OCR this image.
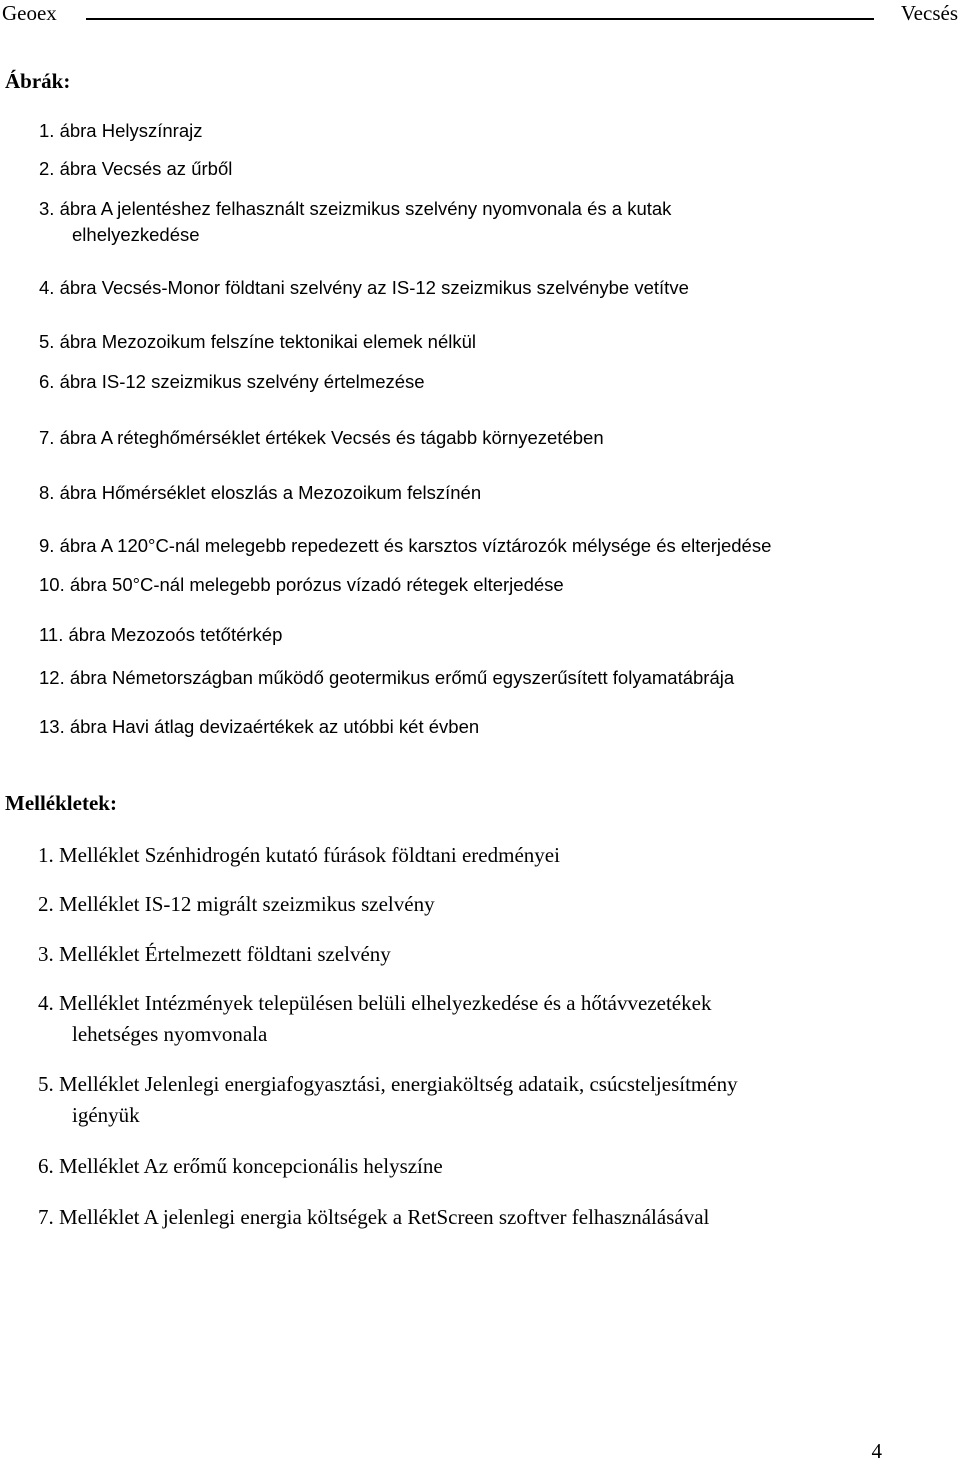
Geoex	Vecsés
Ábrák:
1. ábra Helyszínrajz
2. ábra Vecsés az űrből
3. ábra A jelentéshez felhasznált szeizmikus szelvény nyomvonala és a kutak
elhelyezkedése
4. ábra Vecsés-Monor földtani szelvény az IS-12 szeizmikus szelvénybe vetítve
5. ábra Mezozoikum felszíne tektonikai elemek nélkül
6. ábra IS-12 szeizmikus szelvény értelmezése
7. ábra A réteghőmérséklet értékek Vecsés és tágabb környezetében
8. ábra Hőmérséklet eloszlás a Mezozoikum felszínén
9. ábra A 120°C-nál melegebb repedezett és karsztos víztározók mélysége és elterjedése
10. ábra 50°C-nál melegebb porózus vízadó rétegek elterjedése
11. ábra Mezozoós tetőtérkép
12. ábra Németországban működő geotermikus erőmű egyszerűsített folyamatábrája
13. ábra Havi átlag devizaértékek az utóbbi két évben
Mellékletek:
1. Melléklet Szénhidrogén kutató fúrások földtani eredményei
2. Melléklet IS-12 migrált szeizmikus szelvény
3. Melléklet Értelmezett földtani szelvény
4. Melléklet Intézmények településen belüli elhelyezkedése és a hőtávvezetékek
lehetséges nyomvonala
5. Melléklet Jelenlegi energiafogyasztási, energiaköltség adataik, csúcsteljesítmény
igényük
6. Melléklet Az erőmű koncepcionális helyszíne
7. Melléklet A jelenlegi energia költségek a RetScreen szoftver felhasználásával
4
